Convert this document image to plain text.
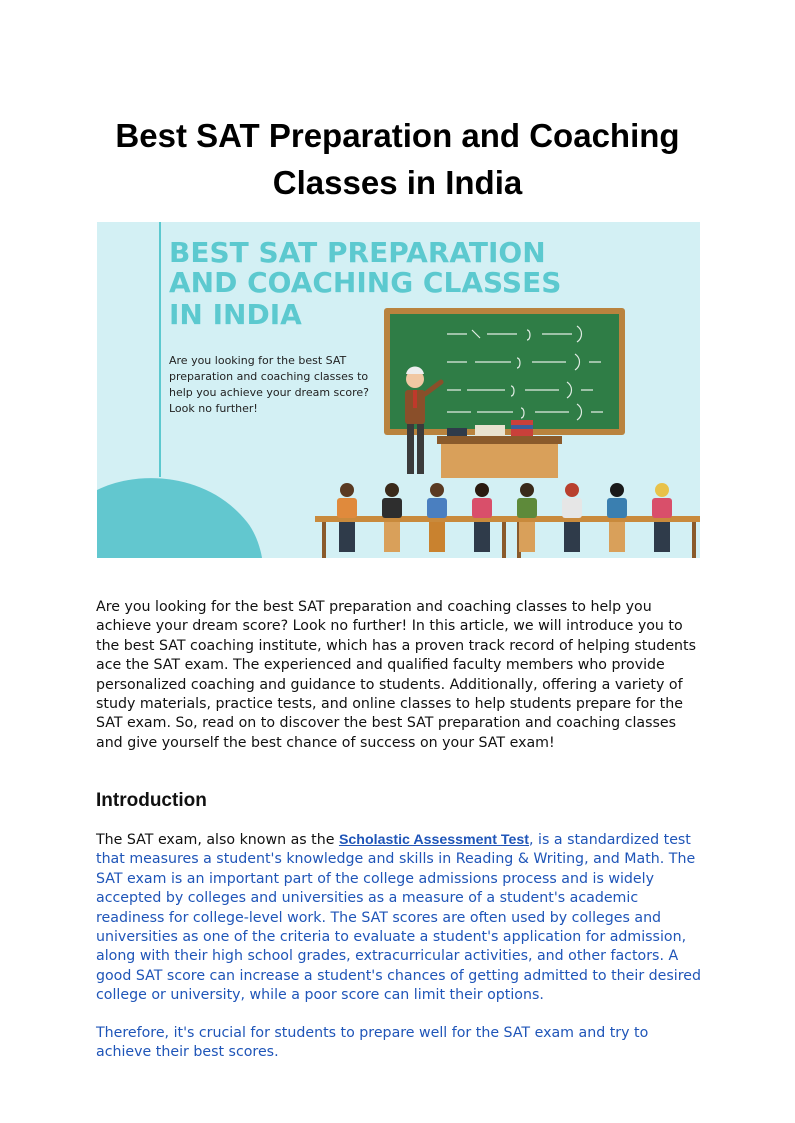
Best SAT Preparation and Coaching
Classes in India
BEST SAT PREPARATION
AND COACHING CLASSES
IN INDIA
Are you looking for the best SAT
preparation and coaching classes to
help you achieve your dream score?
Look no further!

Are you looking for the best SAT preparation and coaching classes to help you achieve your dream score? Look no further! In this article, we will introduce you to the best SAT coaching institute, which has a proven track record of helping students ace the SAT exam. The experienced and qualified faculty members who provide personalized coaching and guidance to students. Additionally, offering a variety of study materials, practice tests, and online classes to help students prepare for the SAT exam. So, read on to discover the best SAT preparation and coaching classes and give yourself the best chance of success on your SAT exam!

Introduction

The SAT exam, also known as the Scholastic Assessment Test, is a standardized test that measures a student's knowledge and skills in Reading & Writing, and Math. The SAT exam is an important part of the college admissions process and is widely accepted by colleges and universities as a measure of a student's academic readiness for college-level work. The SAT scores are often used by colleges and universities as one of the criteria to evaluate a student's application for admission, along with their high school grades, extracurricular activities, and other factors. A good SAT score can increase a student's chances of getting admitted to their desired college or university, while a poor score can limit their options.

Therefore, it's crucial for students to prepare well for the SAT exam and try to achieve their best scores.
